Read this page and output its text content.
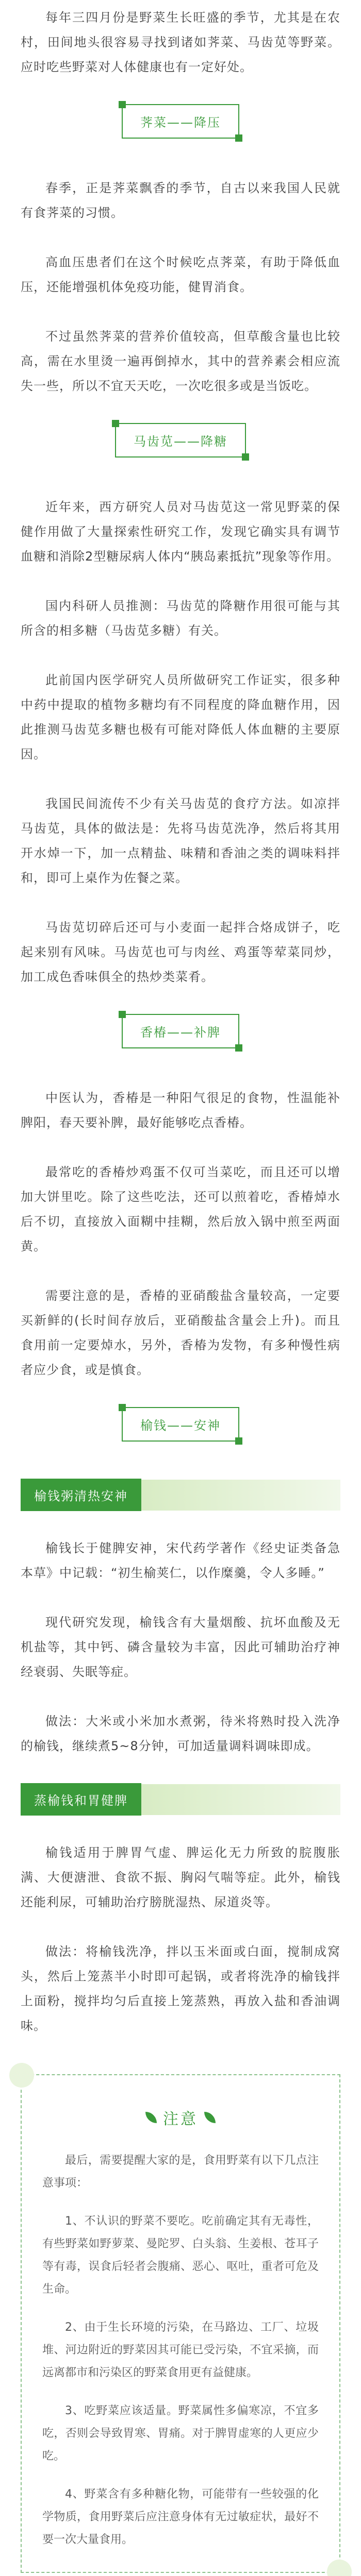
每年三四月份是野菜生长旺盛的季节，尤其是在农村，田间地头很容易寻找到诸如荠菜、马齿苋等野菜。应时吃些野菜对人体健康也有一定好处。

荠菜——降压

春季，正是荠菜飘香的季节，自古以来我国人民就有食荠菜的习惯。

高血压患者们在这个时候吃点荠菜，有助于降低血压，还能增强机体免疫功能，健胃消食。

不过虽然荠菜的营养价值较高，但草酸含量也比较高，需在水里烫一遍再倒掉水，其中的营养素会相应流失一些，所以不宜天天吃，一次吃很多或是当饭吃。

马齿苋——降糖

近年来，西方研究人员对马齿苋这一常见野菜的保健作用做了大量探索性研究工作，发现它确实具有调节血糖和消除2型糖尿病人体内“胰岛素抵抗”现象等作用。

国内科研人员推测：马齿苋的降糖作用很可能与其所含的相多糖（马齿苋多糖）有关。

此前国内医学研究人员所做研究工作证实，很多种中药中提取的植物多糖均有不同程度的降血糖作用，因此推测马齿苋多糖也极有可能对降低人体血糖的主要原因。

我国民间流传不少有关马齿苋的食疗方法。如凉拌马齿苋，具体的做法是：先将马齿苋洗净，然后将其用开水焯一下，加一点精盐、味精和香油之类的调味料拌和，即可上桌作为佐餐之菜。

马齿苋切碎后还可与小麦面一起拌合烙成饼子，吃起来别有风味。马齿苋也可与肉丝、鸡蛋等荤菜同炒，加工成色香味俱全的热炒类菜肴。

香椿——补脾

中医认为，香椿是一种阳气很足的食物，性温能补脾阳，春天要补脾，最好能够吃点香椿。

最常吃的香椿炒鸡蛋不仅可当菜吃，而且还可以增加大饼里吃。除了这些吃法，还可以煎着吃，香椿焯水后不切，直接放入面糊中挂糊，然后放入锅中煎至两面黄。

需要注意的是，香椿的亚硝酸盐含量较高，一定要买新鲜的(长时间存放后，亚硝酸盐含量会上升)。而且食用前一定要焯水，另外，香椿为发物，有多种慢性病者应少食，或是慎食。

榆钱——安神
榆钱粥清热安神

榆钱长于健脾安神，宋代药学著作《经史证类备急本草》中记载：“初生榆荚仁，以作糜羹，令人多睡。”

现代研究发现，榆钱含有大量烟酸、抗坏血酸及无机盐等，其中钙、磷含量较为丰富，因此可辅助治疗神经衰弱、失眠等症。

做法：大米或小米加水煮粥，待米将熟时投入洗净的榆钱，继续煮5~8分钟，可加适量调料调味即成。

蒸榆钱和胃健脾

榆钱适用于脾胃气虚、脾运化无力所致的脘腹胀满、大便溏泄、食欲不振、胸闷气喘等症。此外，榆钱还能利尿，可辅助治疗膀胱湿热、尿道炎等。

做法：将榆钱洗净，拌以玉米面或白面，搅制成窝头，然后上笼蒸半小时即可起锅，或者将洗净的榆钱拌上面粉，搅拌均匀后直接上笼蒸熟，再放入盐和香油调味。

注意

最后，需要提醒大家的是，食用野菜有以下几点注意事项：

1、不认识的野菜不要吃。吃前确定其有无毒性，有些野菜如野萝菜、曼陀罗、白头翁、生姜根、苍耳子等有毒，误食后轻者会腹痛、恶心、呕吐，重者可危及生命。

2、由于生长环境的污染，在马路边、工厂、垃圾堆、河边附近的野菜因其可能已受污染，不宜采摘，而远离都市和污染区的野菜食用更有益健康。

3、吃野菜应该适量。野菜属性多偏寒凉，不宜多吃，否则会导致胃寒、胃痛。对于脾胃虚寒的人更应少吃。

4、野菜含有多种糖化物，可能带有一些较强的化学物质，食用野菜后应注意身体有无过敏症状，最好不要一次大量食用。
